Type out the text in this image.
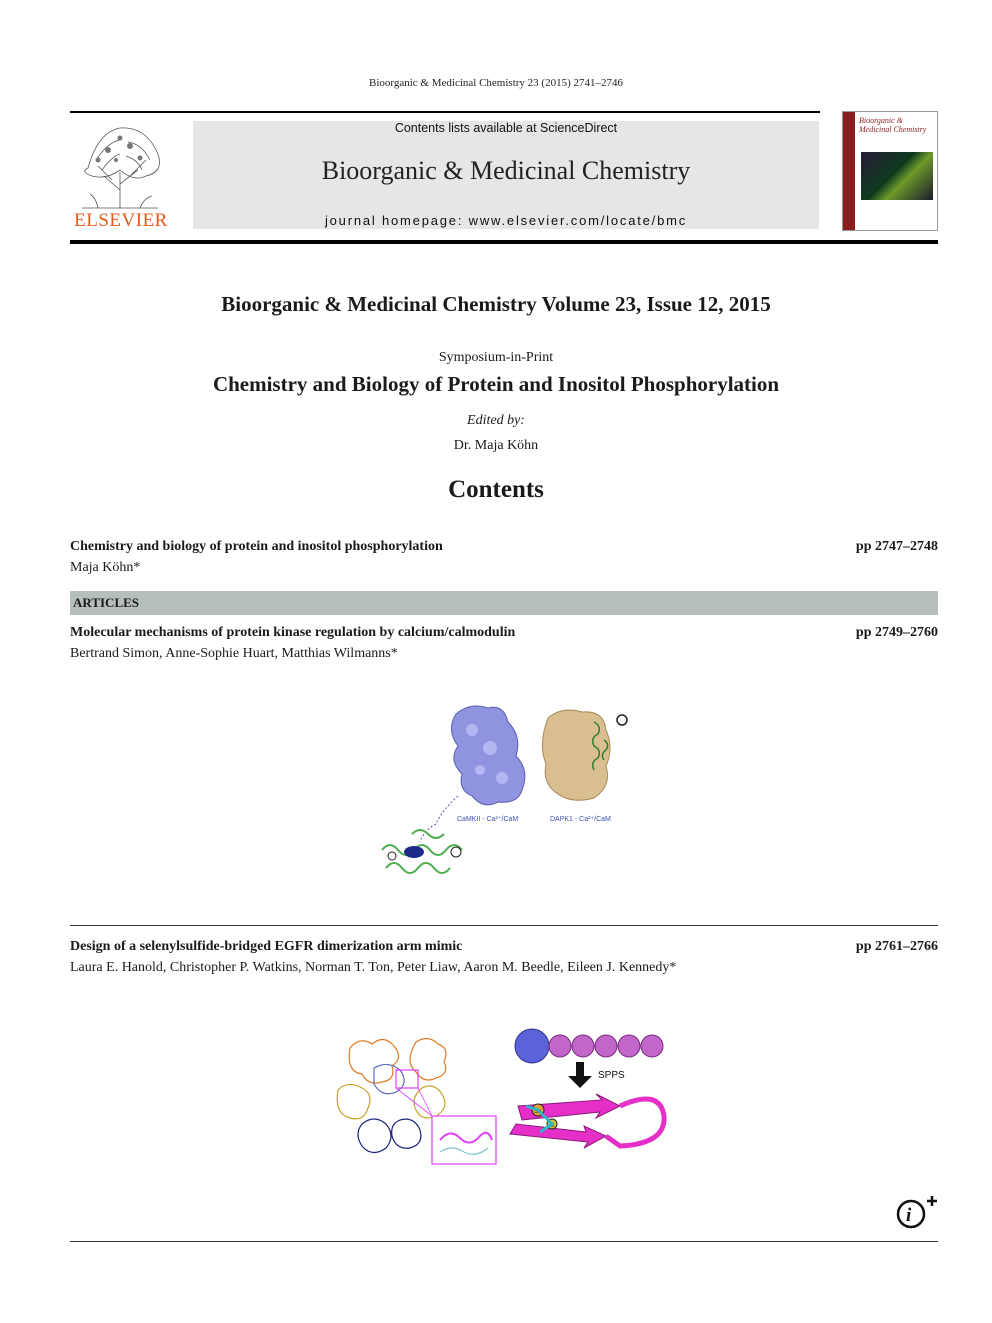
Bioorganic & Medicinal Chemistry 23 (2015) 2741–2746
ELSEVIER
Contents lists available at ScienceDirect
Bioorganic & Medicinal Chemistry
journal homepage: www.elsevier.com/locate/bmc
Bioorganic & Medicinal Chemistry
Bioorganic & Medicinal Chemistry Volume 23, Issue 12, 2015
Symposium-in-Print
Chemistry and Biology of Protein and Inositol Phosphorylation
Edited by:
Dr. Maja Köhn
Contents
Chemistry and biology of protein and inositol phosphorylation	pp 2747–2748
Maja Köhn*
ARTICLES
Molecular mechanisms of protein kinase regulation by calcium/calmodulin	pp 2749–2760
Bertrand Simon, Anne-Sophie Huart, Matthias Wilmanns*
CaMKII - Ca²⁺/CaM	DAPK1 - Ca²⁺/CaM
Design of a selenylsulfide-bridged EGFR dimerization arm mimic	pp 2761–2766
Laura E. Hanold, Christopher P. Watkins, Norman T. Ton, Peter Liaw, Aaron M. Beedle, Eileen J. Kennedy*
SPPS
Se
S
i
